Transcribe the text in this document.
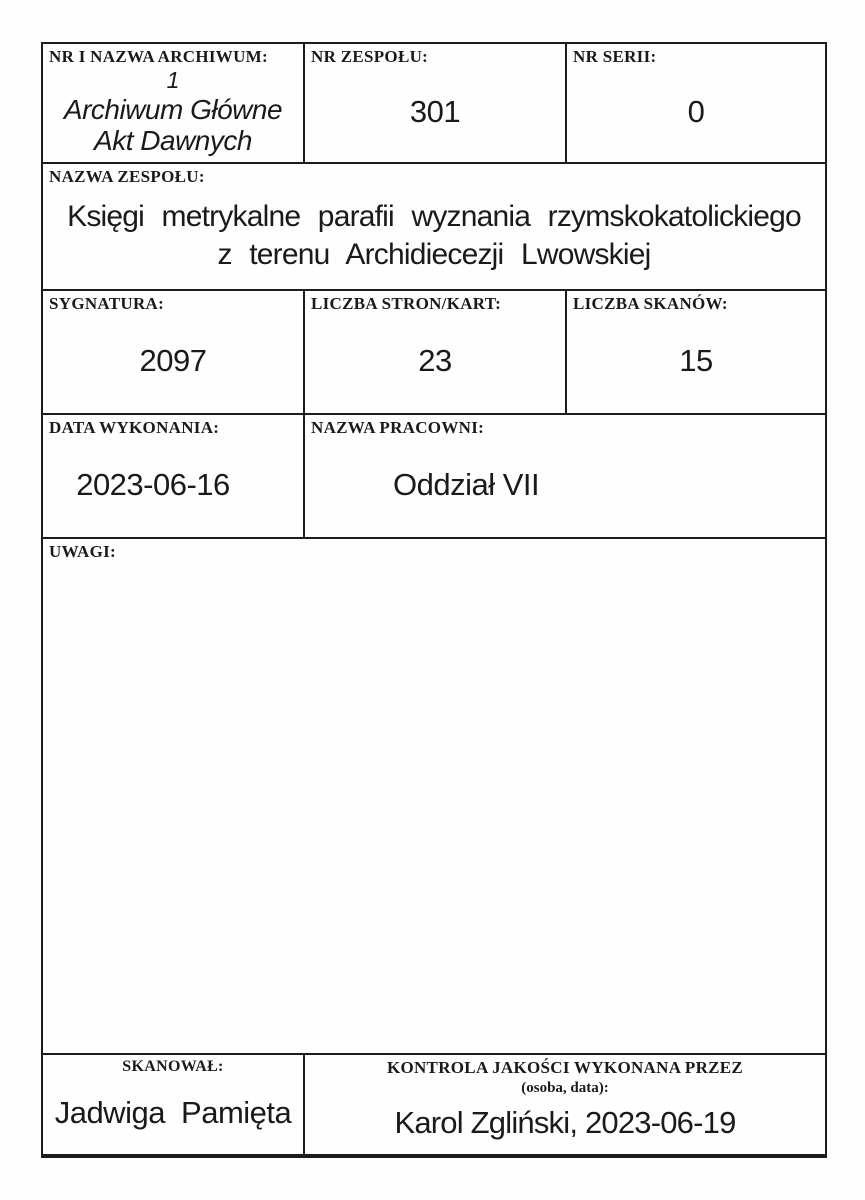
NR I NAZWA ARCHIWUM:
1
Archiwum Główne
Akt Dawnych
NR ZESPOŁU:
301
NR SERII:
0
NAZWA ZESPOŁU:
Księgi metrykalne parafii wyznania rzymskokatolickiego
z terenu Archidiecezji Lwowskiej
SYGNATURA:
2097
LICZBA STRON/KART:
23
LICZBA SKANÓW:
15
DATA WYKONANIA:
2023-06-16
NAZWA PRACOWNI:
Oddział VII
UWAGI:
SKANOWAŁ:
Jadwiga Pamięta
KONTROLA JAKOŚCI WYKONANA PRZEZ
(osoba, data):
Karol Zgliński, 2023-06-19
